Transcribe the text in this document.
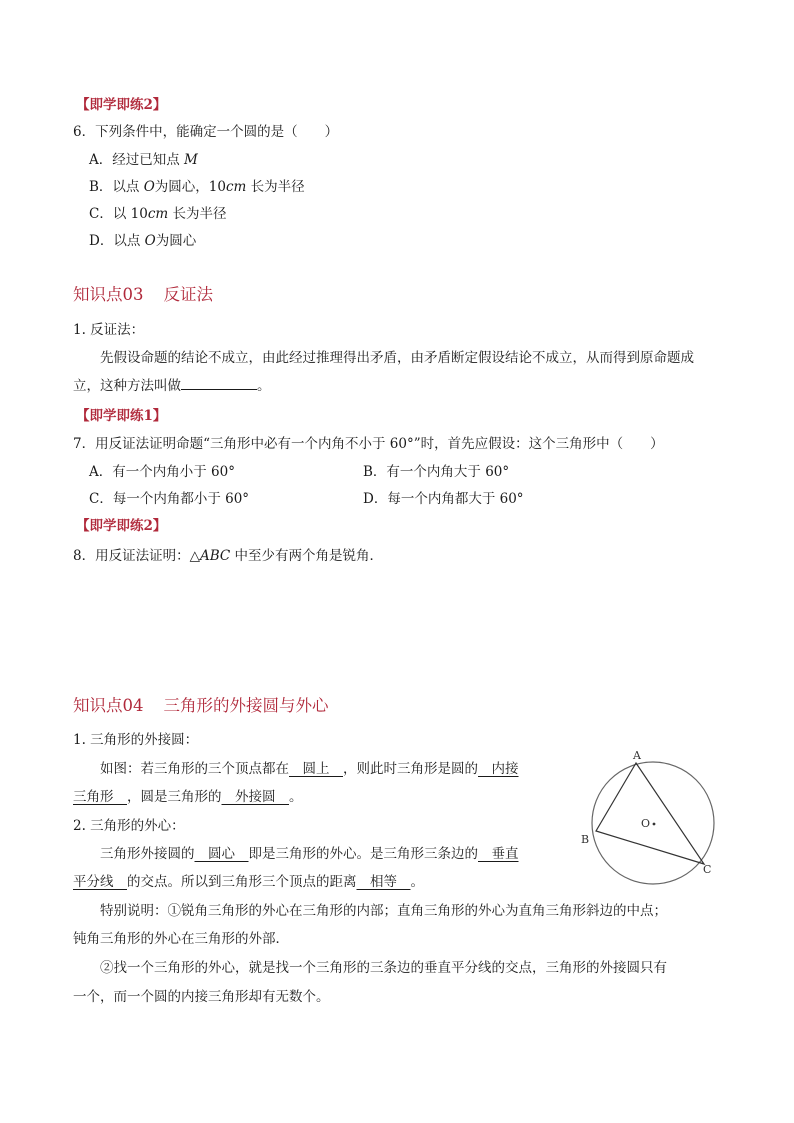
【即学即练2】
6．下列条件中，能确定一个圆的是（　　）
A．经过已知点 M
B．以点 O为圆心，10cm 长为半径
C．以 10cm 长为半径
D．以点 O为圆心
知识点03 反证法
1. 反证法：
先假设命题的结论不成立，由此经过推理得出矛盾，由矛盾断定假设结论不成立，从而得到原命题成
立，这种方法叫做	。
【即学即练1】
7．用反证法证明命题“三角形中必有一个内角不小于 60°”时，首先应假设：这个三角形中（　　）
A．有一个内角小于 60°	B．有一个内角大于 60°
C．每一个内角都小于 60°	D．每一个内角都大于 60°
【即学即练2】
8．用反证法证明：△ABC 中至少有两个角是锐角．
知识点04 三角形的外接圆与外心
1. 三角形的外接圆：
如图：若三角形的三个顶点都在　圆上　，则此时三角形是圆的　内接
三角形　，圆是三角形的　外接圆　。
2. 三角形的外心：
三角形外接圆的　圆心　即是三角形的外心。是三角形三条边的　垂直
平分线　的交点。所以到三角形三个顶点的距离　相等　。
特别说明：①锐角三角形的外心在三角形的内部；直角三角形的外心为直角三角形斜边的中点；
钝角三角形的外心在三角形的外部．
②找一个三角形的外心，就是找一个三角形的三条边的垂直平分线的交点，三角形的外接圆只有
一个，而一个圆的内接三角形却有无数个。
A
B
C
O
